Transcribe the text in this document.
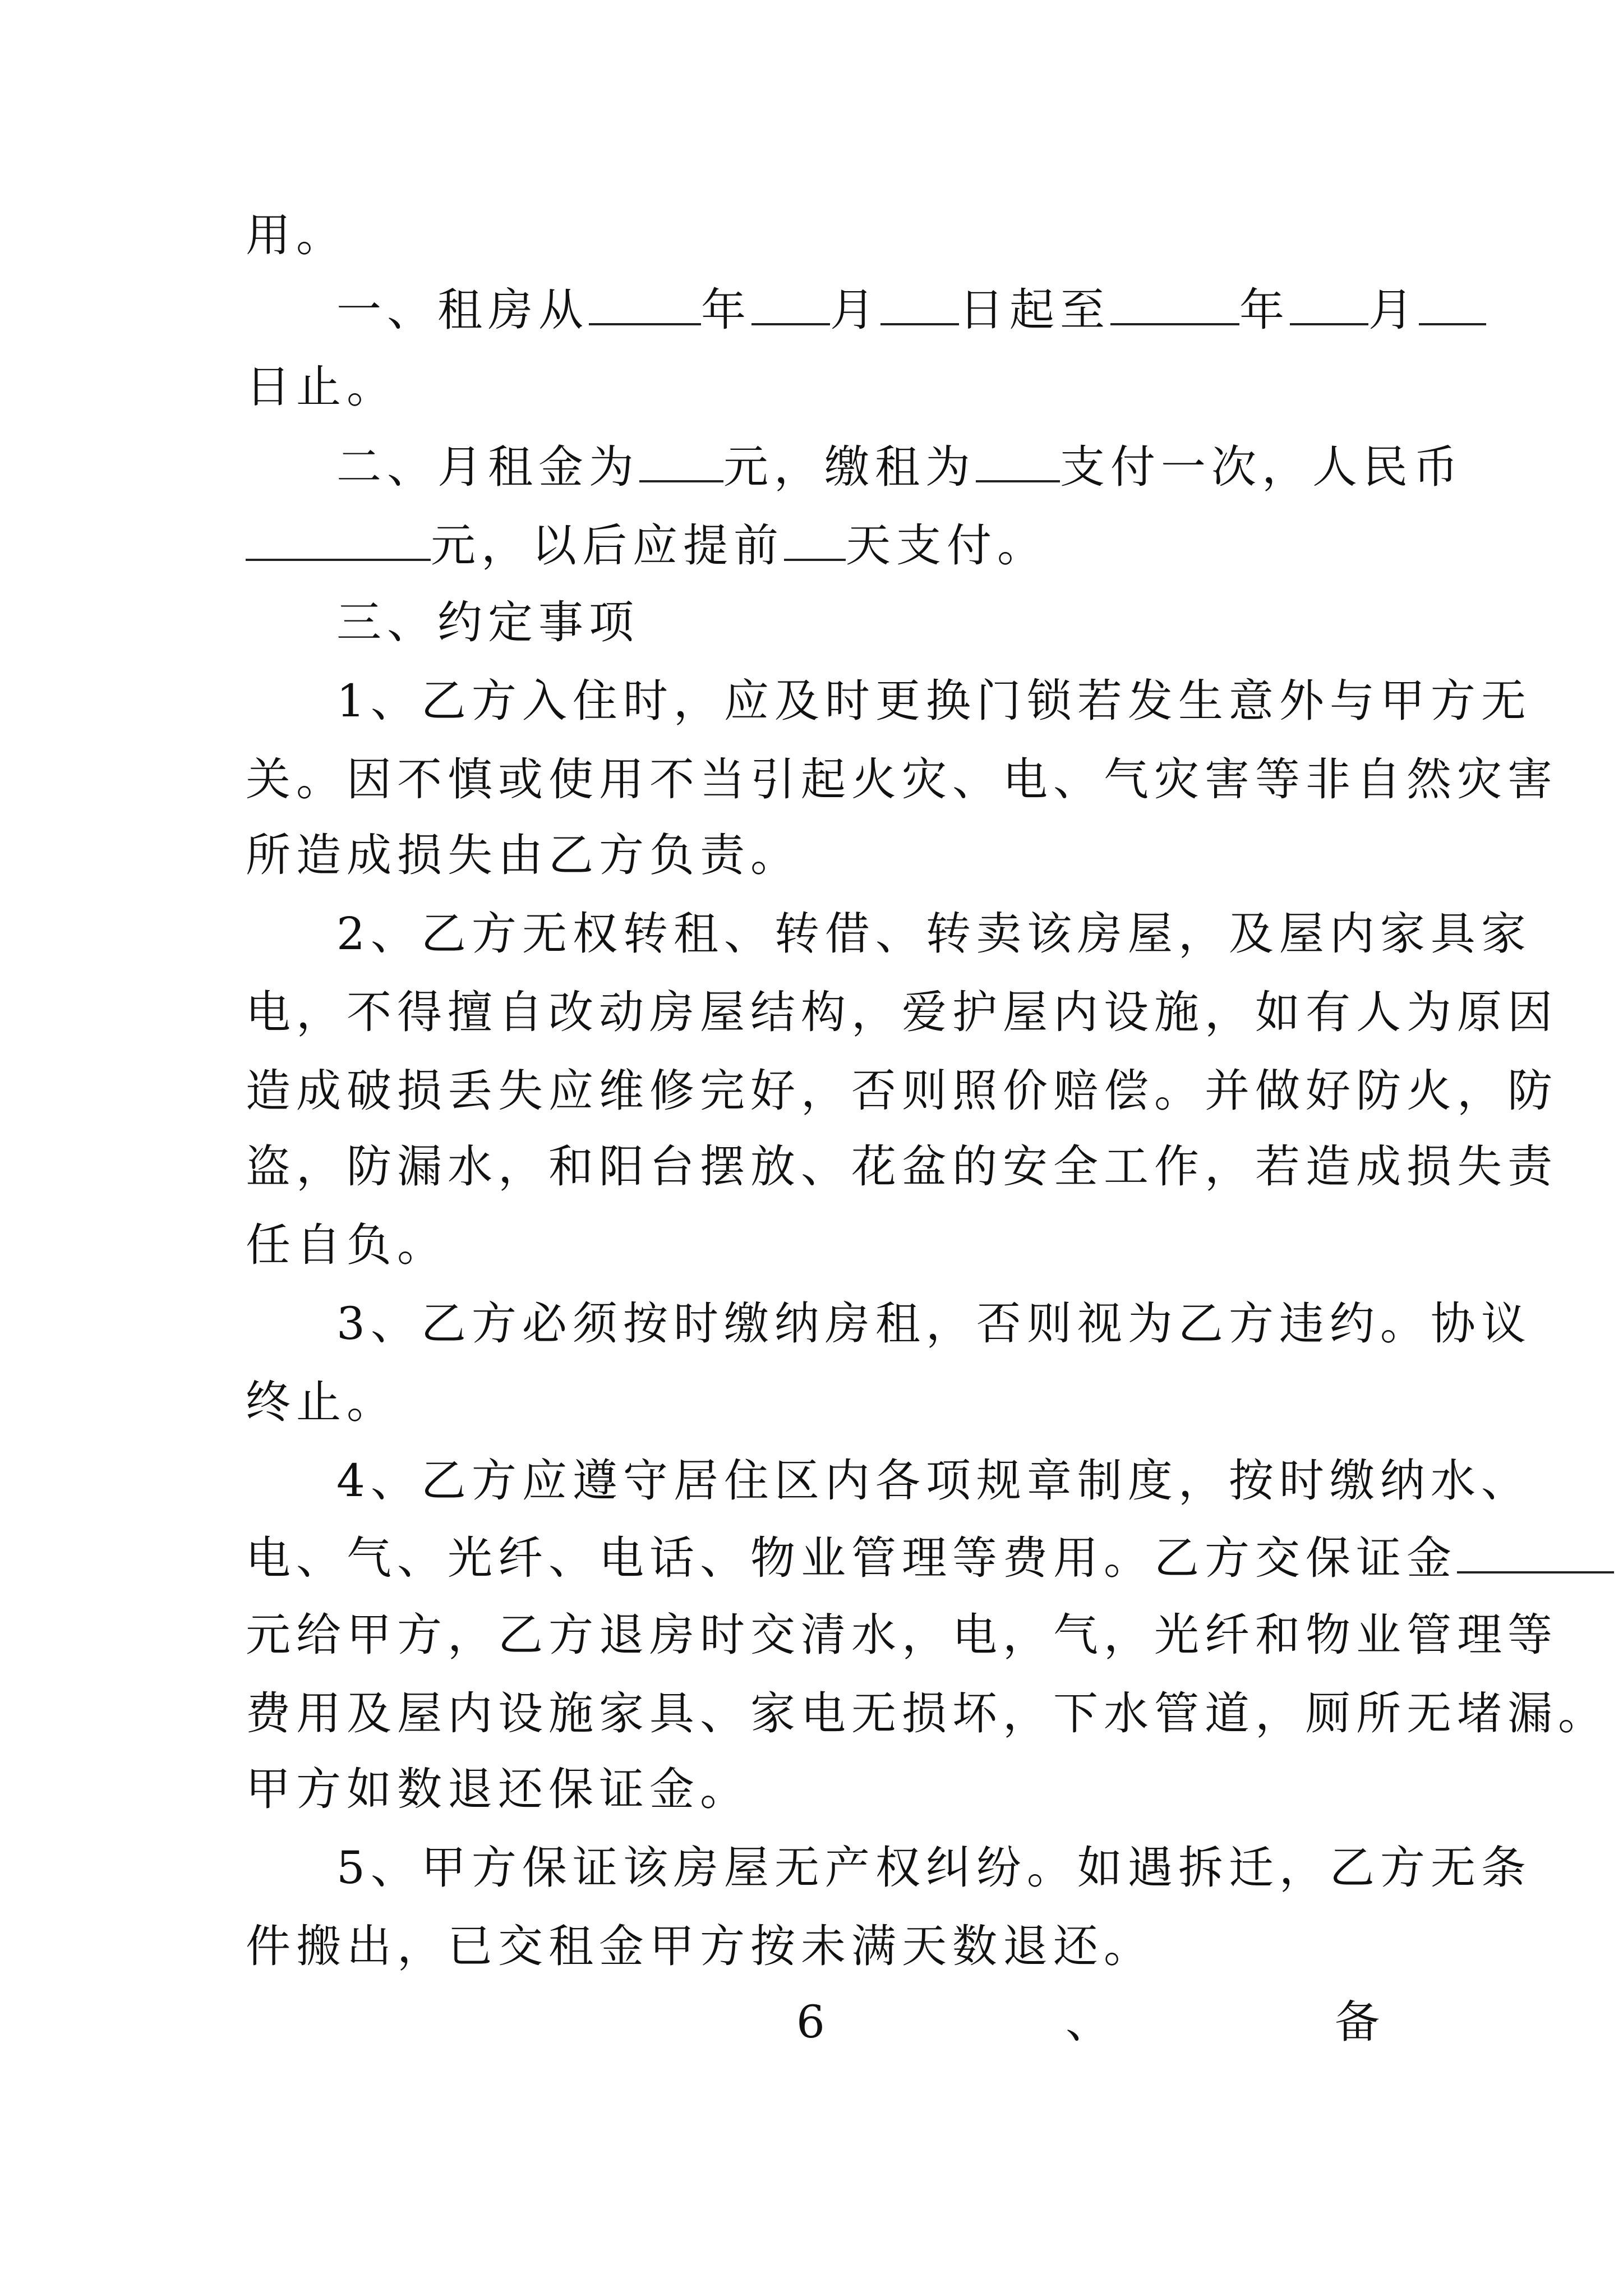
用。
一、租房从	年 月 日起至	年 月
日止。
二、月租金为 元，缴租为 支付一次，人民币
元，以后应提前 天支付。
三、约定事项
1、乙方入住时，应及时更换门锁若发生意外与甲方无
关。因不慎或使用不当引起火灾、电、气灾害等非自然灾害
所造成损失由乙方负责。
2、乙方无权转租、转借、转卖该房屋，及屋内家具家
电，不得擅自改动房屋结构，爱护屋内设施，如有人为原因
造成破损丢失应维修完好，否则照价赔偿。并做好防火，防
盗，防漏水，和阳台摆放、花盆的安全工作，若造成损失责
任自负。
3、乙方必须按时缴纳房租，否则视为乙方违约。协议
终止。
4、乙方应遵守居住区内各项规章制度，按时缴纳水、
电、气、光纤、电话、物业管理等费用。乙方交保证金
元给甲方，乙方退房时交清水，电，气，光纤和物业管理等
费用及屋内设施家具、家电无损坏，下水管道，厕所无堵漏。
甲方如数退还保证金。
5、甲方保证该房屋无产权纠纷。如遇拆迁，乙方无条
件搬出，已交租金甲方按未满天数退还。
6	、	备
